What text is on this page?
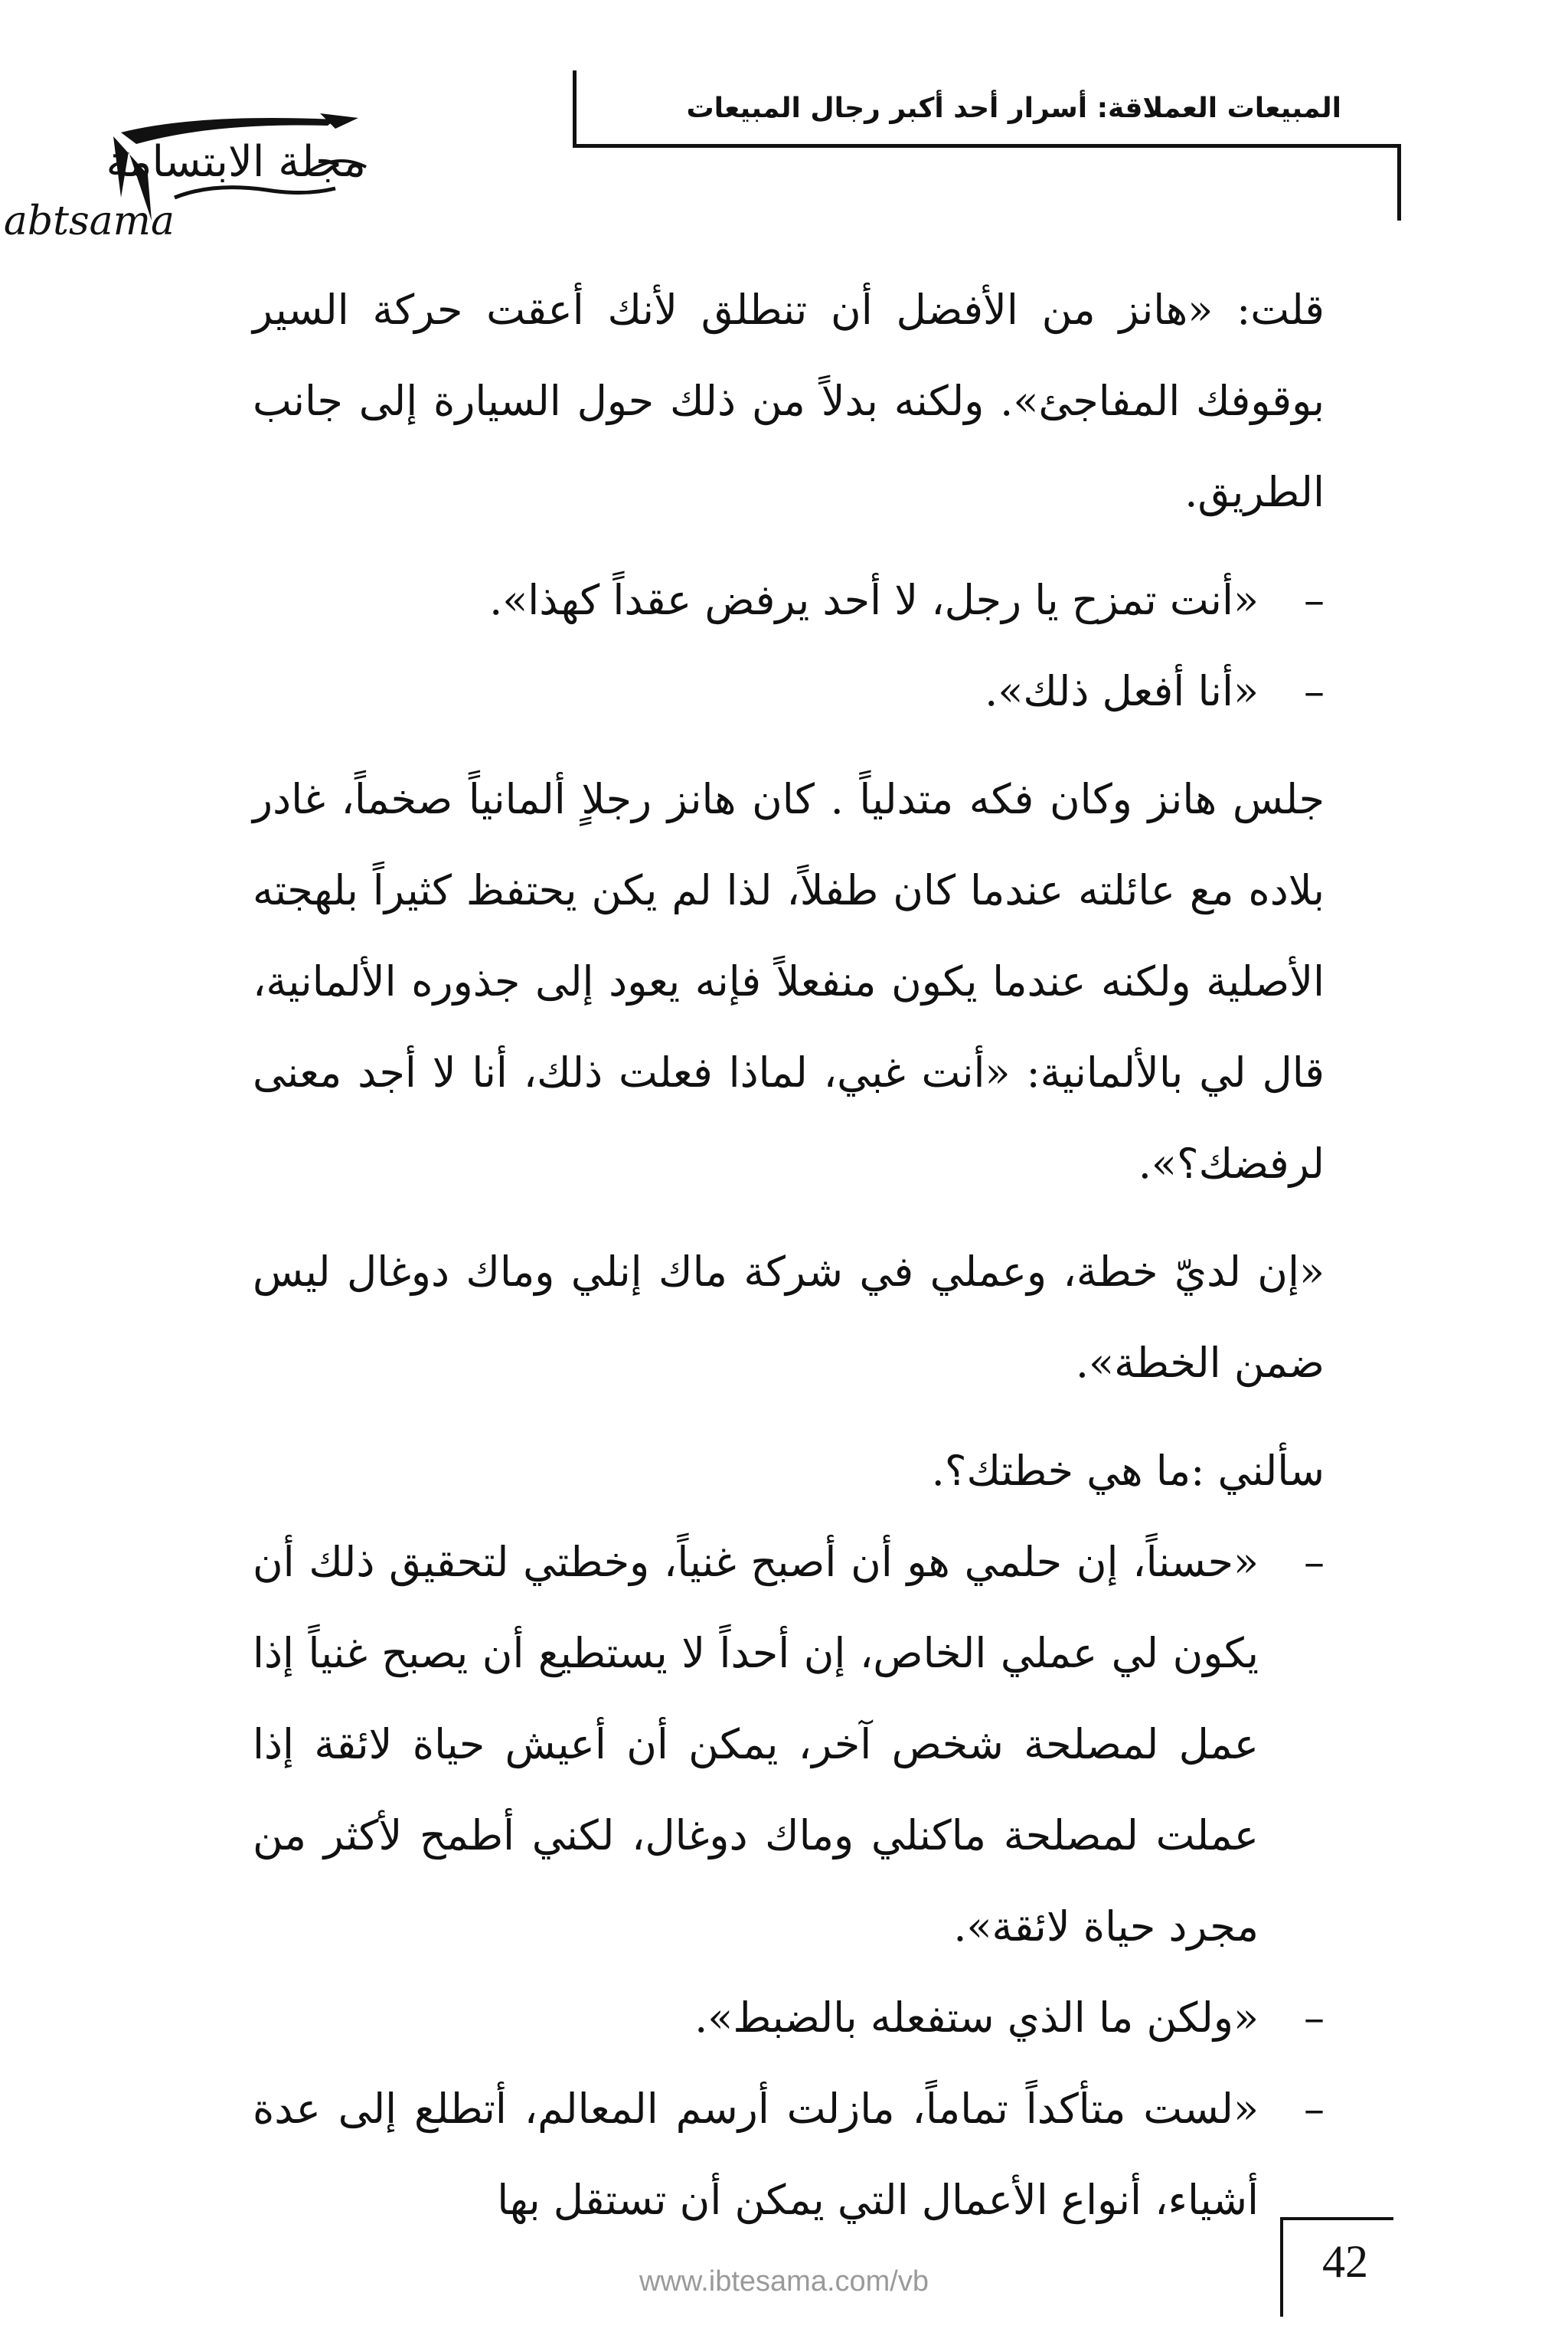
المبيعات العملاقة: أسرار أحد أكبر رجال المبيعات
مجلة الابتسامة
abtsama

قلت: «هانز من الأفضل أن تنطلق لأنك أعقت حركة السير بوقوفك المفاجئ». ولكنه بدلاً من ذلك حول السيارة إلى جانب الطريق.

–
«أنت تمزح يا رجل، لا أحد يرفض عقداً كهذا».
–
«أنا أفعل ذلك».

جلس هانز وكان فكه متدلياً . كان هانز رجلاٍ ألمانياً صخماً، غادر بلاده مع عائلته عندما كان طفلاً، لذا لم يكن يحتفظ كثيراً بلهجته الأصلية ولكنه عندما يكون منفعلاً فإنه يعود إلى جذوره الألمانية، قال لي بالألمانية: «أنت غبي، لماذا فعلت ذلك، أنا لا أجد معنى لرفضك؟».

«إن لديّ خطة، وعملي في شركة ماك إنلي وماك دوغال ليس ضمن الخطة».

سألني :ما هي خطتك؟.

–
«حسناً، إن حلمي هو أن أصبح غنياً، وخطتي لتحقيق ذلك أن يكون لي عملي الخاص، إن أحداً لا يستطيع أن يصبح غنياً إذا عمل لمصلحة شخص آخر، يمكن أن أعيش حياة لائقة إذا عملت لمصلحة ماكنلي وماك دوغال، لكني أطمح لأكثر من مجرد حياة لائقة».
–
«ولكن ما الذي ستفعله بالضبط».
–
«لست متأكداً تماماً، مازلت أرسم المعالم، أتطلع إلى عدة أشياء، أنواع الأعمال التي يمكن أن تستقل بها
42
www.ibtesama.com/vb
